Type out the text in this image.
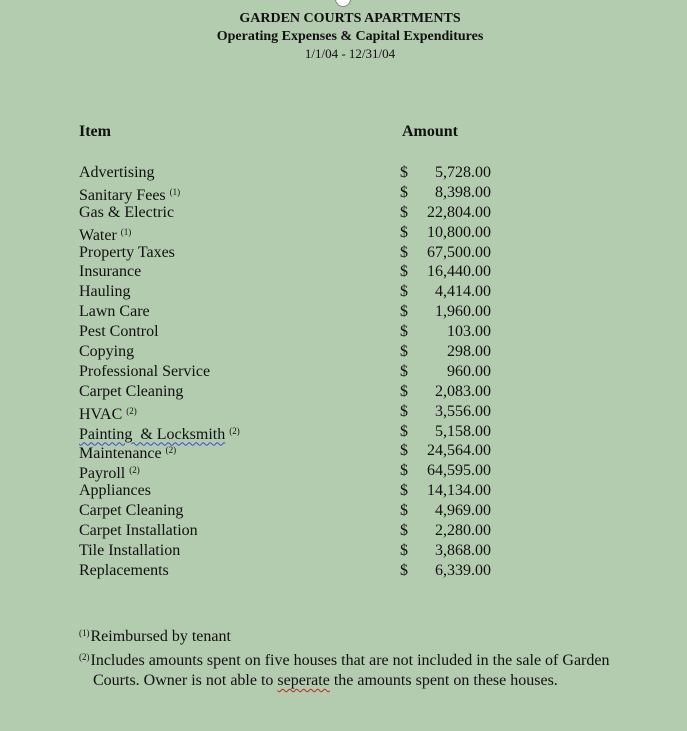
GARDEN COURTS APARTMENTS
Operating Expenses & Capital Expenditures
1/1/04 - 12/31/04
Item	Amount
Advertising	$ 5,728.00
Sanitary Fees $^{(1)}$	$ 8,398.00
Gas & Electric	$ 22,804.00
Water $^{(1)}$	$ 10,800.00
Property Taxes	$ 67,500.00
Insurance	$ 16,440.00
Hauling	$ 4,414.00
Lawn Care	$ 1,960.00
Pest Control	$ 103.00
Copying	$ 298.00
Professional Service	$ 960.00
Carpet Cleaning	$ 2,083.00
HVAC $^{(2)}$	$ 3,556.00
Painting  & Locksmith $^{(2)}$	$ 5,158.00
Maintenance $^{(2)}$	$ 24,564.00
Payroll $^{(2)}$	$ 64,595.00
Appliances	$ 14,134.00
Carpet Cleaning	$ 4,969.00
Carpet Installation	$ 2,280.00
Tile Installation	$ 3,868.00
Replacements	$ 6,339.00
$^{(1)}$Reimbursed by tenant
$^{(2)}$Includes amounts spent on five houses that are not included in the sale of Garden Courts. Owner is not able to seperate the amounts spent on these houses.
